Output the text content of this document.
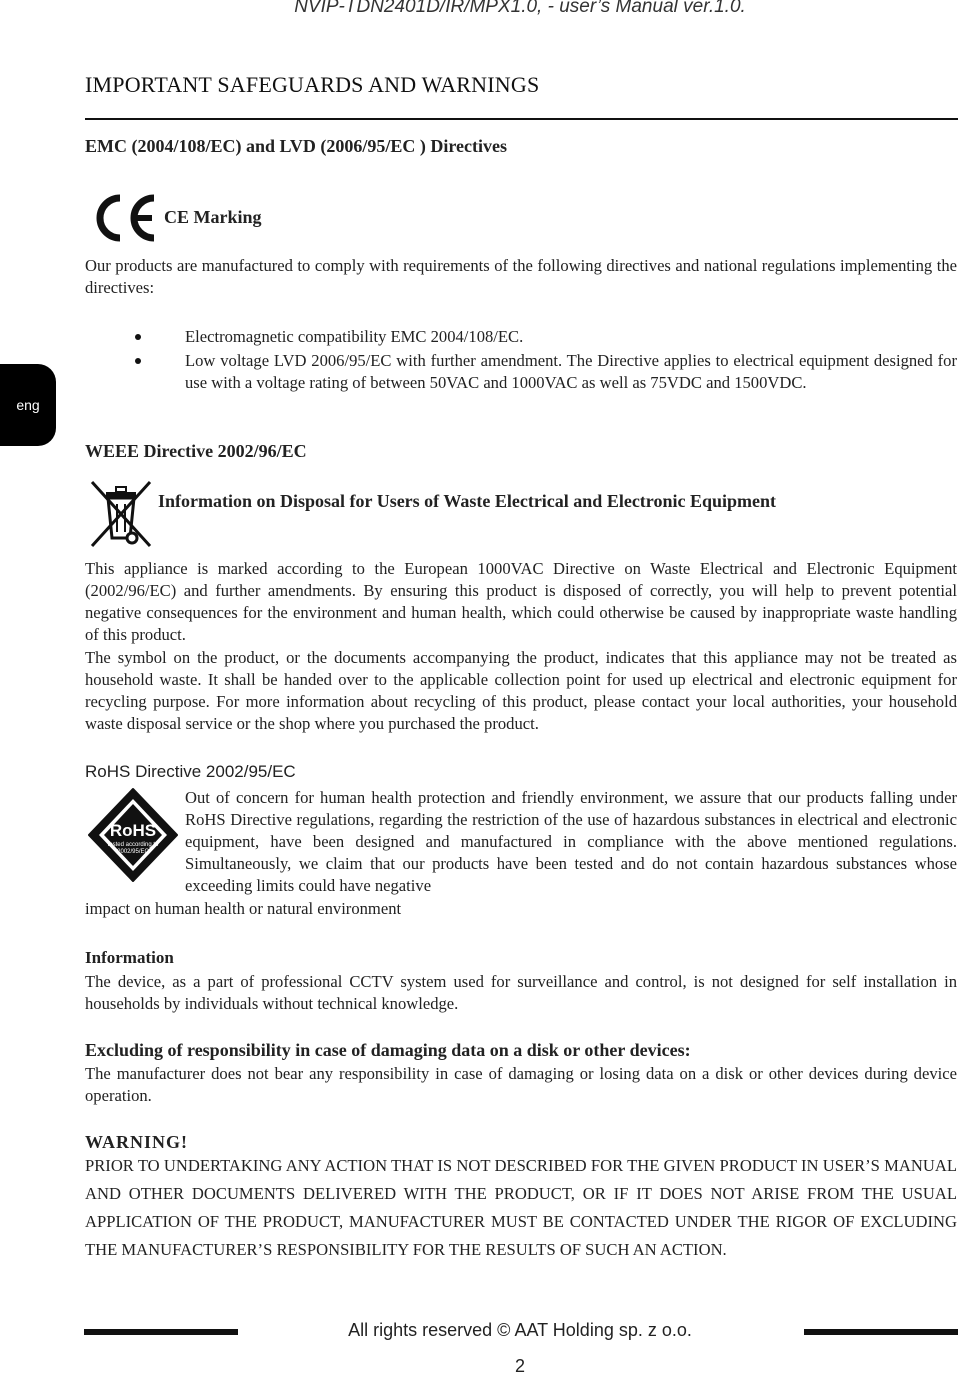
NVIP-TDN2401D/IR/MPX1.0, - user’s Manual ver.1.0.
eng
IMPORTANT SAFEGUARDS AND WARNINGS
EMC (2004/108/EC) and LVD (2006/95/EC ) Directives
CE Marking
Our products are manufactured to comply with requirements of the following directives and national regulations implementing the directives:
Electromagnetic compatibility EMC 2004/108/EC.
Low voltage LVD 2006/95/EC with further amendment. The Directive applies to electrical equipment designed for use with a voltage rating of between 50VAC and 1000VAC as well as 75VDC and 1500VDC.
WEEE Directive 2002/96/EC
Information on Disposal for Users of Waste Electrical and Electronic Equipment
This appliance is marked according to the European 1000VAC Directive on Waste Electrical and Electronic Equipment (2002/96/EC) and further amendments. By ensuring this product is disposed of correctly, you will help to prevent potential negative consequences for the environment and human health, which could otherwise be caused by inappropriate waste handling of this product.
The symbol on the product, or the documents accompanying the product, indicates that this appliance may not be treated as household waste. It shall be handed over to the applicable collection point for used up electrical and electronic equipment for recycling purpose. For more information about recycling of this product, please contact your local authorities, your household waste disposal service or the shop where you purchased the product.
RoHS Directive 2002/95/EC
RoHS
tested according to
2002/95/EC
Out of concern for human health protection and friendly environment, we assure that our products falling under RoHS Directive regulations, regarding the restriction of the use of hazardous substances in electrical and electronic equipment, have been designed and manufactured in compliance with the above mentioned regulations. Simultaneously, we claim that our products have been tested and do not contain hazardous substances whose exceeding limits could have negative
impact on human health or natural environment
Information
The device, as a part of professional CCTV system used for surveillance and control, is not designed for self installation in households by individuals without technical knowledge.
Excluding of responsibility in case of damaging data on a disk or other devices:
The manufacturer does not bear any responsibility in case of damaging or losing data on a disk or other devices during device operation.
WARNING!
PRIOR TO UNDERTAKING ANY ACTION THAT IS NOT DESCRIBED FOR THE GIVEN PRODUCT IN USER’S MANUAL AND OTHER DOCUMENTS DELIVERED WITH THE PRODUCT, OR IF IT DOES NOT ARISE FROM THE USUAL APPLICATION OF THE PRODUCT, MANUFACTURER MUST BE CONTACTED UNDER THE RIGOR OF EXCLUDING THE MANUFACTURER’S RESPONSIBILITY FOR THE RESULTS OF SUCH AN ACTION.
All rights reserved © AAT Holding sp. z o.o.
2
